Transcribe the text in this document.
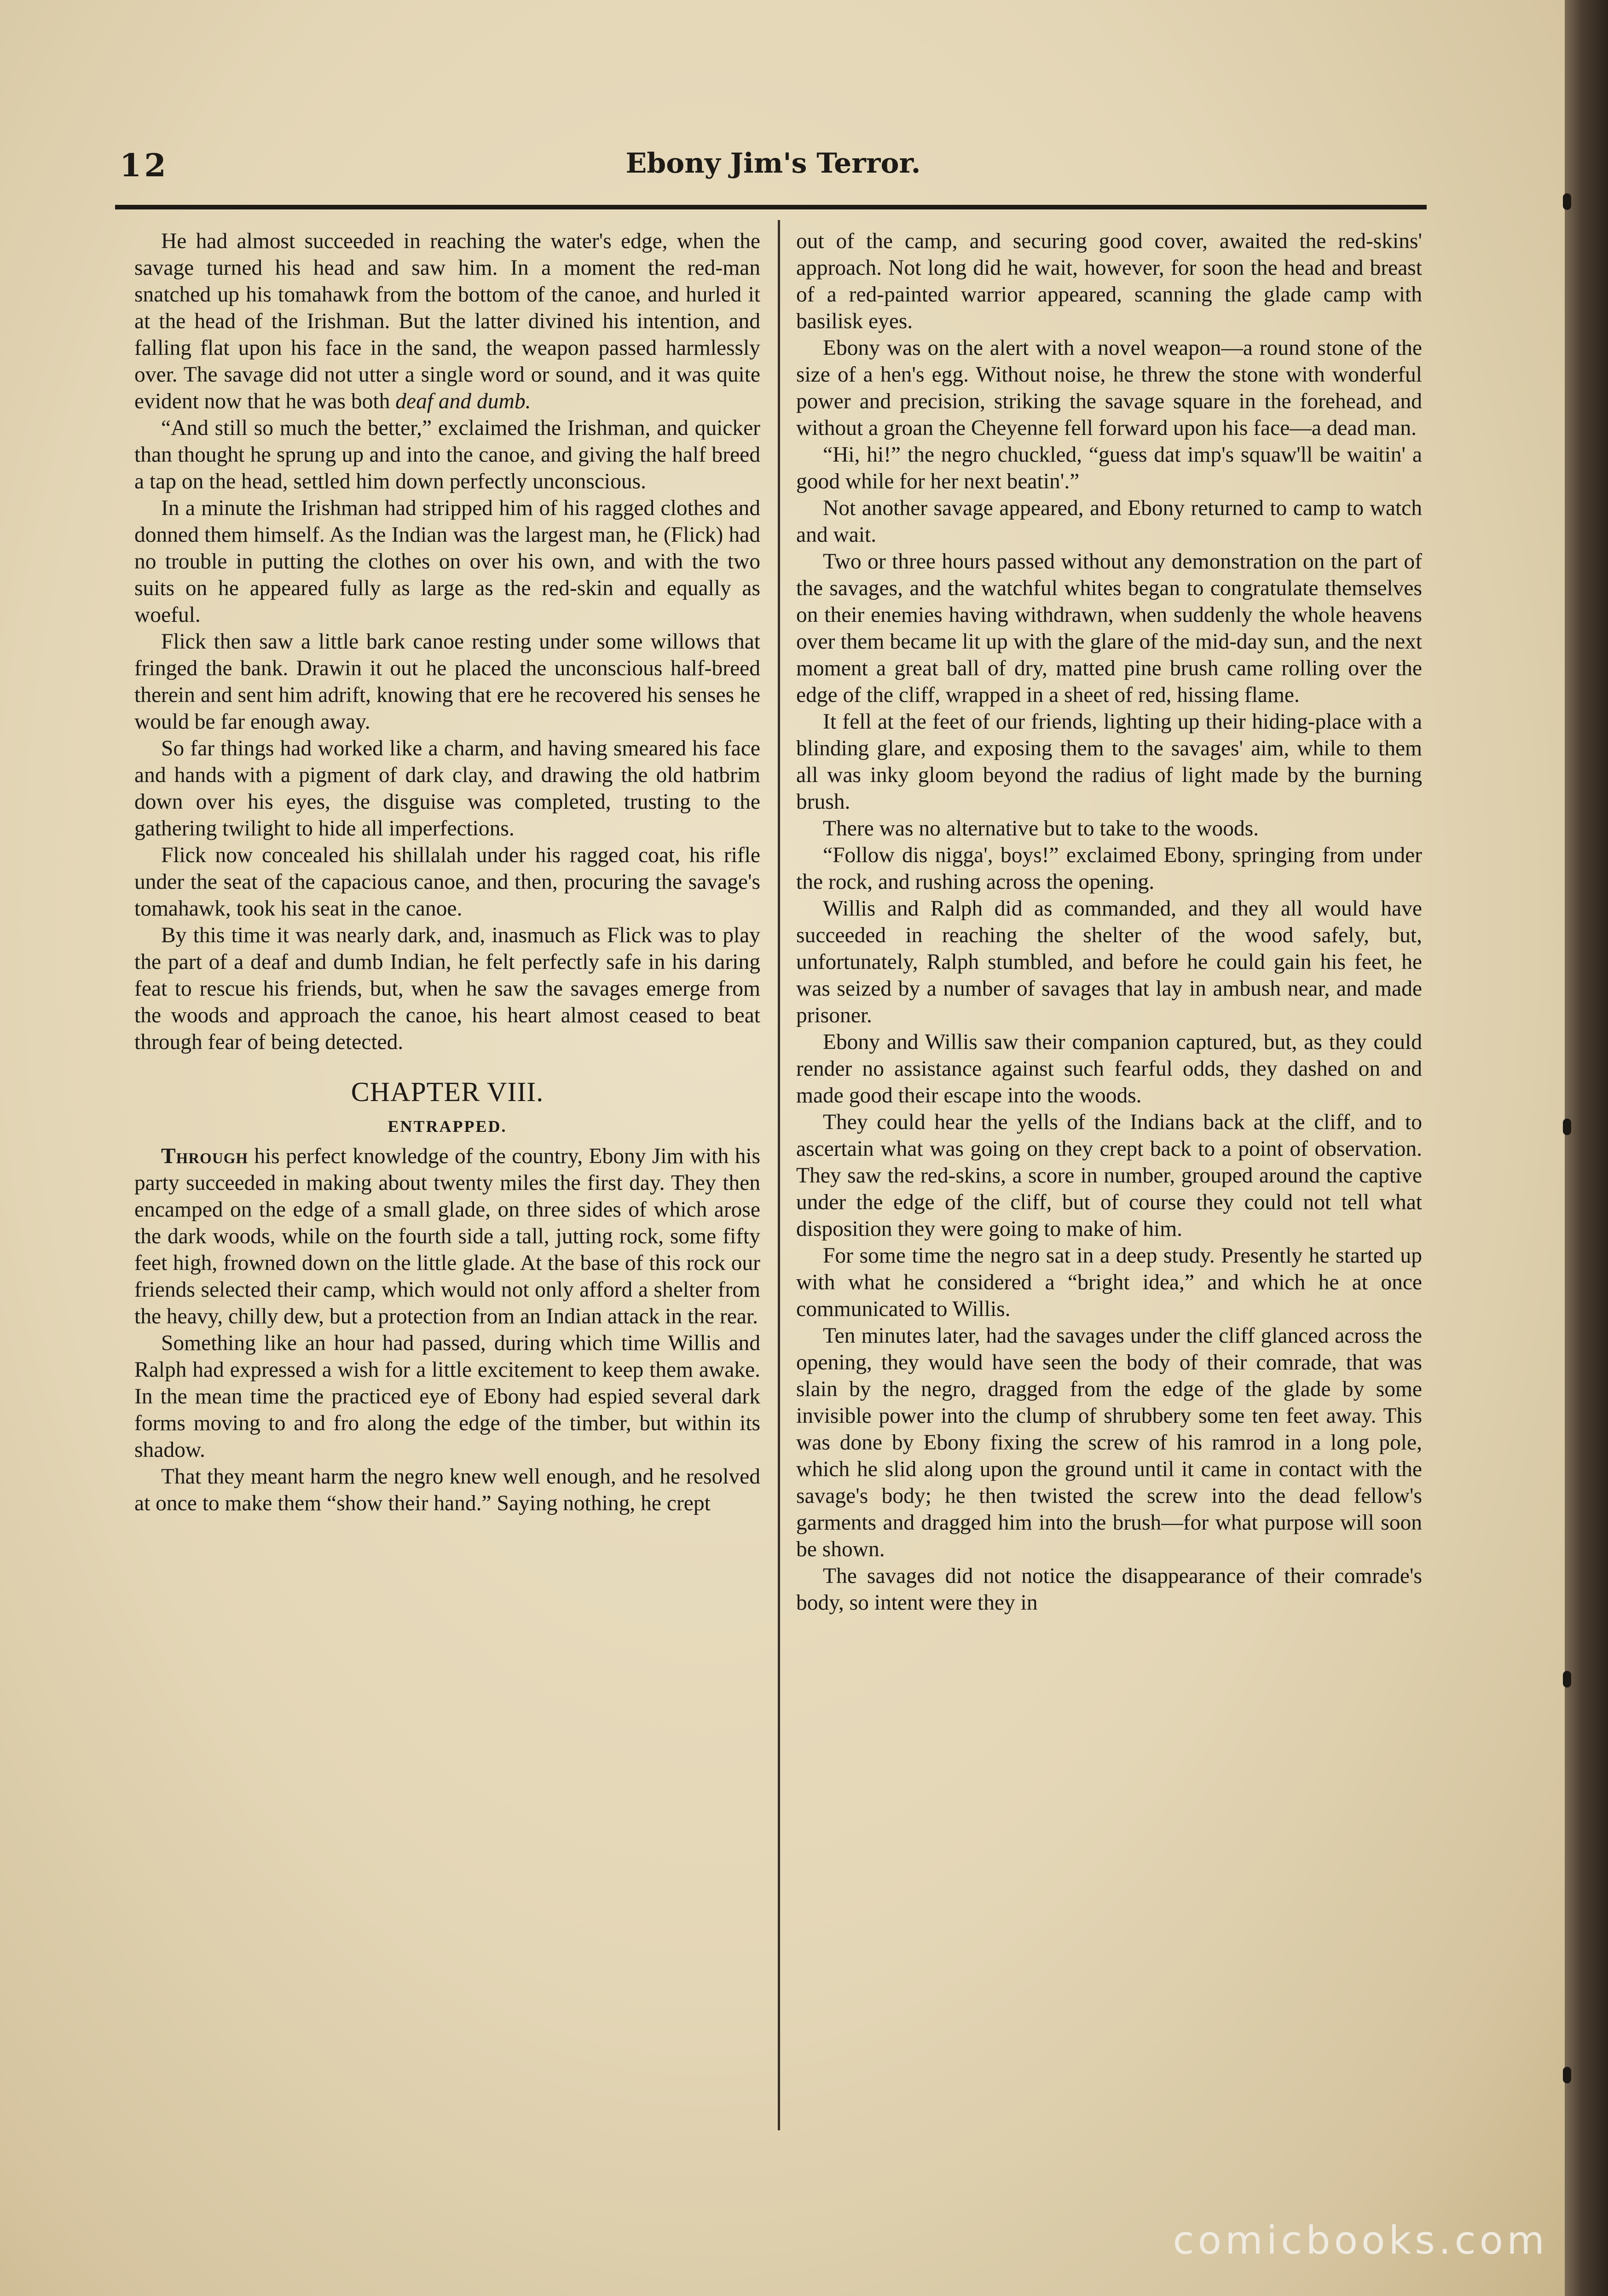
12	Ebony Jim's Terror.

He had almost succeeded in reaching the water's edge, when the savage turned his head and saw him. In a moment the red-man snatched up his tomahawk from the bottom of the canoe, and hurled it at the head of the Irishman. But the latter divined his intention, and falling flat upon his face in the sand, the weapon passed harmlessly over. The savage did not utter a single word or sound, and it was quite evident now that he was both deaf and dumb.

“And still so much the better,” exclaimed the Irishman, and quicker than thought he sprung up and into the canoe, and giving the half breed a tap on the head, settled him down perfectly unconscious.

In a minute the Irishman had stripped him of his ragged clothes and donned them himself. As the Indian was the largest man, he (Flick) had no trouble in putting the clothes on over his own, and with the two suits on he appeared fully as large as the red-skin and equally as woeful.

Flick then saw a little bark canoe resting under some willows that fringed the bank. Drawin it out he placed the unconscious half-breed therein and sent him adrift, knowing that ere he recovered his senses he would be far enough away.

So far things had worked like a charm, and having smeared his face and hands with a pigment of dark clay, and drawing the old hatbrim down over his eyes, the disguise was completed, trusting to the gathering twilight to hide all imperfections.

Flick now concealed his shillalah under his ragged coat, his rifle under the seat of the capacious canoe, and then, procuring the savage's tomahawk, took his seat in the canoe.

By this time it was nearly dark, and, inasmuch as Flick was to play the part of a deaf and dumb Indian, he felt perfectly safe in his daring feat to rescue his friends, but, when he saw the savages emerge from the woods and approach the canoe, his heart almost ceased to beat through fear of being detected.

CHAPTER VIII.
ENTRAPPED.

Through his perfect knowledge of the country, Ebony Jim with his party succeeded in making about twenty miles the first day. They then encamped on the edge of a small glade, on three sides of which arose the dark woods, while on the fourth side a tall, jutting rock, some fifty feet high, frowned down on the little glade. At the base of this rock our friends selected their camp, which would not only afford a shelter from the heavy, chilly dew, but a protection from an Indian attack in the rear.

Something like an hour had passed, during which time Willis and Ralph had expressed a wish for a little excitement to keep them awake. In the mean time the practiced eye of Ebony had espied several dark forms moving to and fro along the edge of the timber, but within its shadow.

That they meant harm the negro knew well enough, and he resolved at once to make them “show their hand.” Saying nothing, he crept

out of the camp, and securing good cover, awaited the red-skins' approach. Not long did he wait, however, for soon the head and breast of a red-painted warrior appeared, scanning the glade camp with basilisk eyes.

Ebony was on the alert with a novel weapon—a round stone of the size of a hen's egg. Without noise, he threw the stone with wonderful power and precision, striking the savage square in the forehead, and without a groan the Cheyenne fell forward upon his face—a dead man.

“Hi, hi!” the negro chuckled, “guess dat imp's squaw'll be waitin' a good while for her next beatin'.”

Not another savage appeared, and Ebony returned to camp to watch and wait.

Two or three hours passed without any demonstration on the part of the savages, and the watchful whites began to congratulate themselves on their enemies having withdrawn, when suddenly the whole heavens over them became lit up with the glare of the mid-day sun, and the next moment a great ball of dry, matted pine brush came rolling over the edge of the cliff, wrapped in a sheet of red, hissing flame.

It fell at the feet of our friends, lighting up their hiding-place with a blinding glare, and exposing them to the savages' aim, while to them all was inky gloom beyond the radius of light made by the burning brush.

There was no alternative but to take to the woods.

“Follow dis nigga', boys!” exclaimed Ebony, springing from under the rock, and rushing across the opening.

Willis and Ralph did as commanded, and they all would have succeeded in reaching the shelter of the wood safely, but, unfortunately, Ralph stumbled, and before he could gain his feet, he was seized by a number of savages that lay in ambush near, and made prisoner.

Ebony and Willis saw their companion captured, but, as they could render no assistance against such fearful odds, they dashed on and made good their escape into the woods.

They could hear the yells of the Indians back at the cliff, and to ascertain what was going on they crept back to a point of observation. They saw the red-skins, a score in number, grouped around the captive under the edge of the cliff, but of course they could not tell what disposition they were going to make of him.

For some time the negro sat in a deep study. Presently he started up with what he considered a “bright idea,” and which he at once communicated to Willis.

Ten minutes later, had the savages under the cliff glanced across the opening, they would have seen the body of their comrade, that was slain by the negro, dragged from the edge of the glade by some invisible power into the clump of shrubbery some ten feet away. This was done by Ebony fixing the screw of his ramrod in a long pole, which he slid along upon the ground until it came in contact with the savage's body; he then twisted the screw into the dead fellow's garments and dragged him into the brush—for what purpose will soon be shown.

The savages did not notice the disappearance of their comrade's body, so intent were they in

comicbooks.com
